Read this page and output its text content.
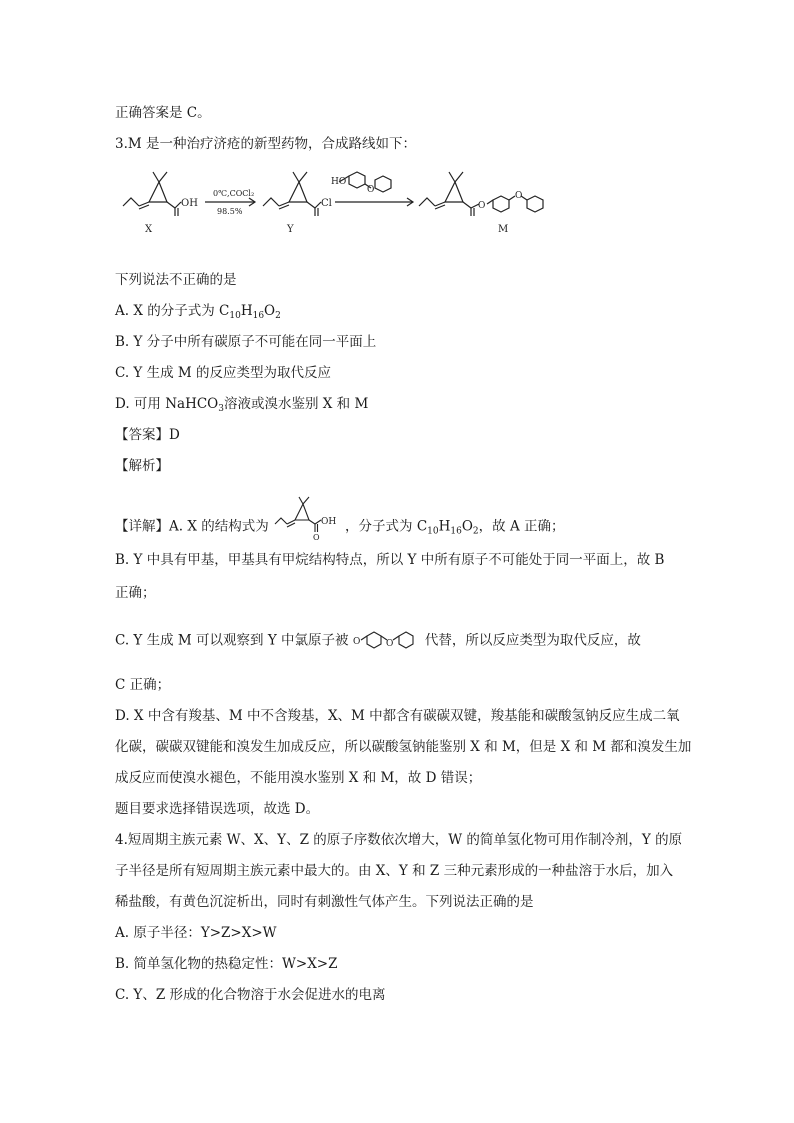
正确答案是 C。
3.M 是一种治疗济疮的新型药物，合成路线如下：
OH
0℃,COCl₂
98.5%
Cl
HO
O
O
O
X	Y	M
下列说法不正确的是
A. X 的分子式为 $C_{10}H_{16}O_2$
B. Y 分子中所有碳原子不可能在同一平面上
C. Y 生成 M 的反应类型为取代反应
D. 可用 NaHCO$_3$溶液或溴水鉴别 X 和 M
【答案】D
【解析】
【详解】A. X 的结构式为
O
OH ，分子式为 $C_{10}H_{16}O_2$，故 A 正确；
B. Y 中具有甲基，甲基具有甲烷结构特点，所以 Y 中所有原子不可能处于同一平面上，故 B
正确；
C. Y 生成 M 可以观察到 Y 中氯原子被 O	O 代替，所以反应类型为取代反应，故
C 正确；
D. X 中含有羧基、M 中不含羧基，X、M 中都含有碳碳双键，羧基能和碳酸氢钠反应生成二氧
化碳，碳碳双键能和溴发生加成反应，所以碳酸氢钠能鉴别 X 和 M，但是 X 和 M 都和溴发生加
成反应而使溴水褪色，不能用溴水鉴别 X 和 M，故 D 错误；
题目要求选择错误选项，故选 D。
4.短周期主族元素 W、X、Y、Z 的原子序数依次增大，W 的简单氢化物可用作制冷剂，Y 的原
子半径是所有短周期主族元素中最大的。由 X、Y 和 Z 三种元素形成的一种盐溶于水后，加入
稀盐酸，有黄色沉淀析出，同时有刺激性气体产生。下列说法正确的是
A. 原子半径：Y>Z>X>W
B. 简单氢化物的热稳定性：W>X>Z
C. Y、Z 形成的化合物溶于水会促进水的电离
